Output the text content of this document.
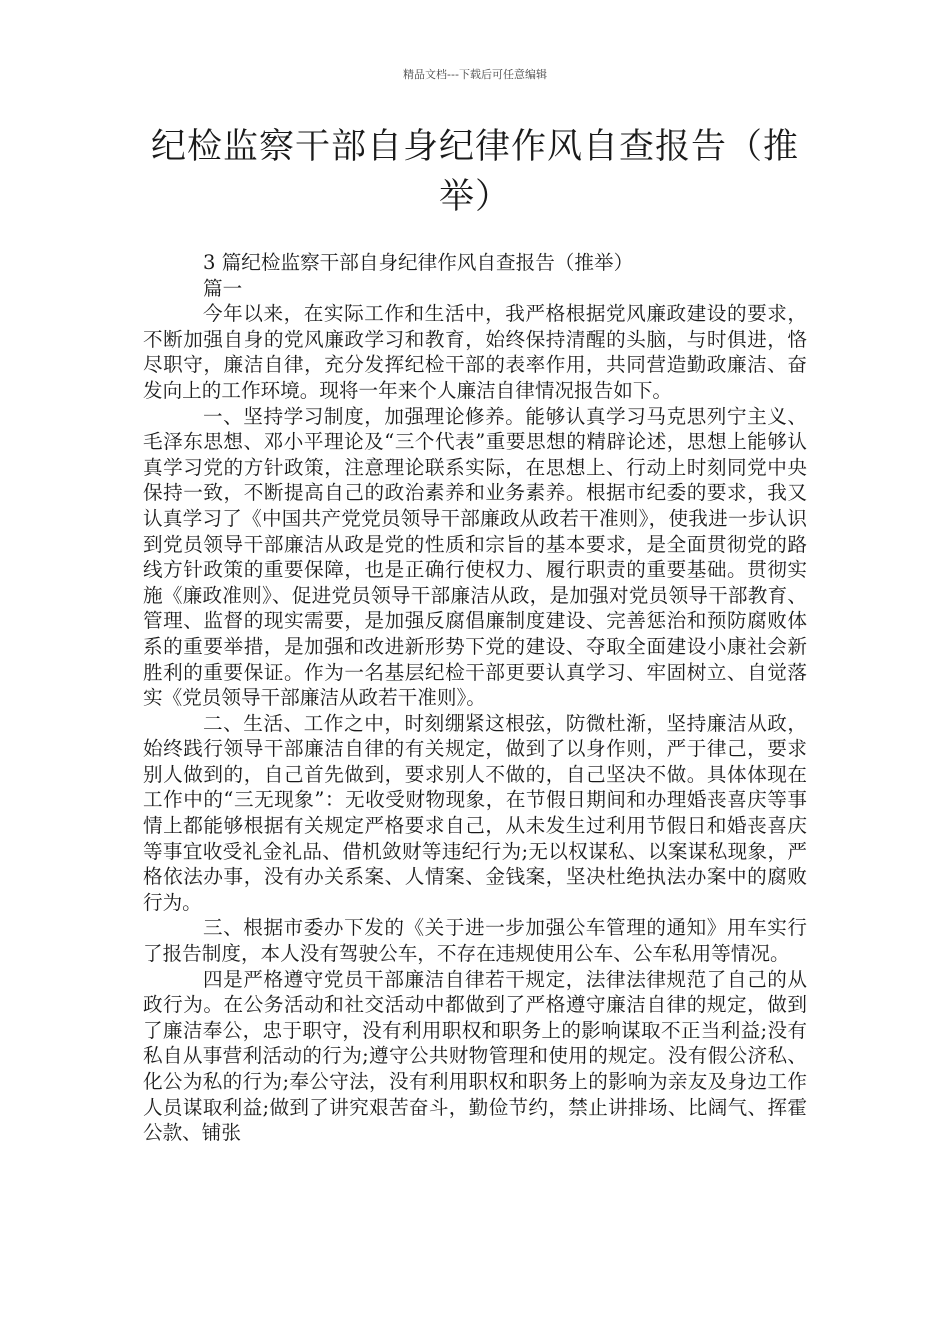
精品文档---下载后可任意编辑
纪检监察干部自身纪律作风自查报告（推举）

3 篇纪检监察干部自身纪律作风自查报告（推举）

篇一

今年以来，在实际工作和生活中，我严格根据党风廉政建设的要求，不断加强自身的党风廉政学习和教育，始终保持清醒的头脑，与时俱进，恪尽职守，廉洁自律，充分发挥纪检干部的表率作用，共同营造勤政廉洁、奋发向上的工作环境。现将一年来个人廉洁自律情况报告如下。

一、坚持学习制度，加强理论修养。能够认真学习马克思列宁主义、毛泽东思想、邓小平理论及“三个代表”重要思想的精辟论述，思想上能够认真学习党的方针政策，注意理论联系实际，在思想上、行动上时刻同党中央保持一致，不断提高自己的政治素养和业务素养。根据市纪委的要求，我又认真学习了《中国共产党党员领导干部廉政从政若干准则》，使我进一步认识到党员领导干部廉洁从政是党的性质和宗旨的基本要求，是全面贯彻党的路线方针政策的重要保障，也是正确行使权力、履行职责的重要基础。贯彻实施《廉政准则》、促进党员领导干部廉洁从政，是加强对党员领导干部教育、管理、监督的现实需要，是加强反腐倡廉制度建设、完善惩治和预防腐败体系的重要举措，是加强和改进新形势下党的建设、夺取全面建设小康社会新胜利的重要保证。作为一名基层纪检干部更要认真学习、牢固树立、自觉落实《党员领导干部廉洁从政若干准则》。

二、生活、工作之中，时刻绷紧这根弦，防微杜渐，坚持廉洁从政，始终践行领导干部廉洁自律的有关规定，做到了以身作则，严于律己，要求别人做到的，自己首先做到，要求别人不做的，自己坚决不做。具体体现在工作中的“三无现象”：无收受财物现象，在节假日期间和办理婚丧喜庆等事情上都能够根据有关规定严格要求自己，从未发生过利用节假日和婚丧喜庆等事宜收受礼金礼品、借机敛财等违纪行为;无以权谋私、以案谋私现象，严格依法办事，没有办关系案、人情案、金钱案，坚决杜绝执法办案中的腐败行为。

三、根据市委办下发的《关于进一步加强公车管理的通知》用车实行了报告制度，本人没有驾驶公车，不存在违规使用公车、公车私用等情况。

四是严格遵守党员干部廉洁自律若干规定，法律法律规范了自己的从政行为。在公务活动和社交活动中都做到了严格遵守廉洁自律的规定，做到了廉洁奉公，忠于职守，没有利用职权和职务上的影响谋取不正当利益;没有私自从事营利活动的行为;遵守公共财物管理和使用的规定。没有假公济私、化公为私的行为;奉公守法，没有利用职权和职务上的影响为亲友及身边工作人员谋取利益;做到了讲究艰苦奋斗，勤俭节约，禁止讲排场、比阔气、挥霍公款、铺张
